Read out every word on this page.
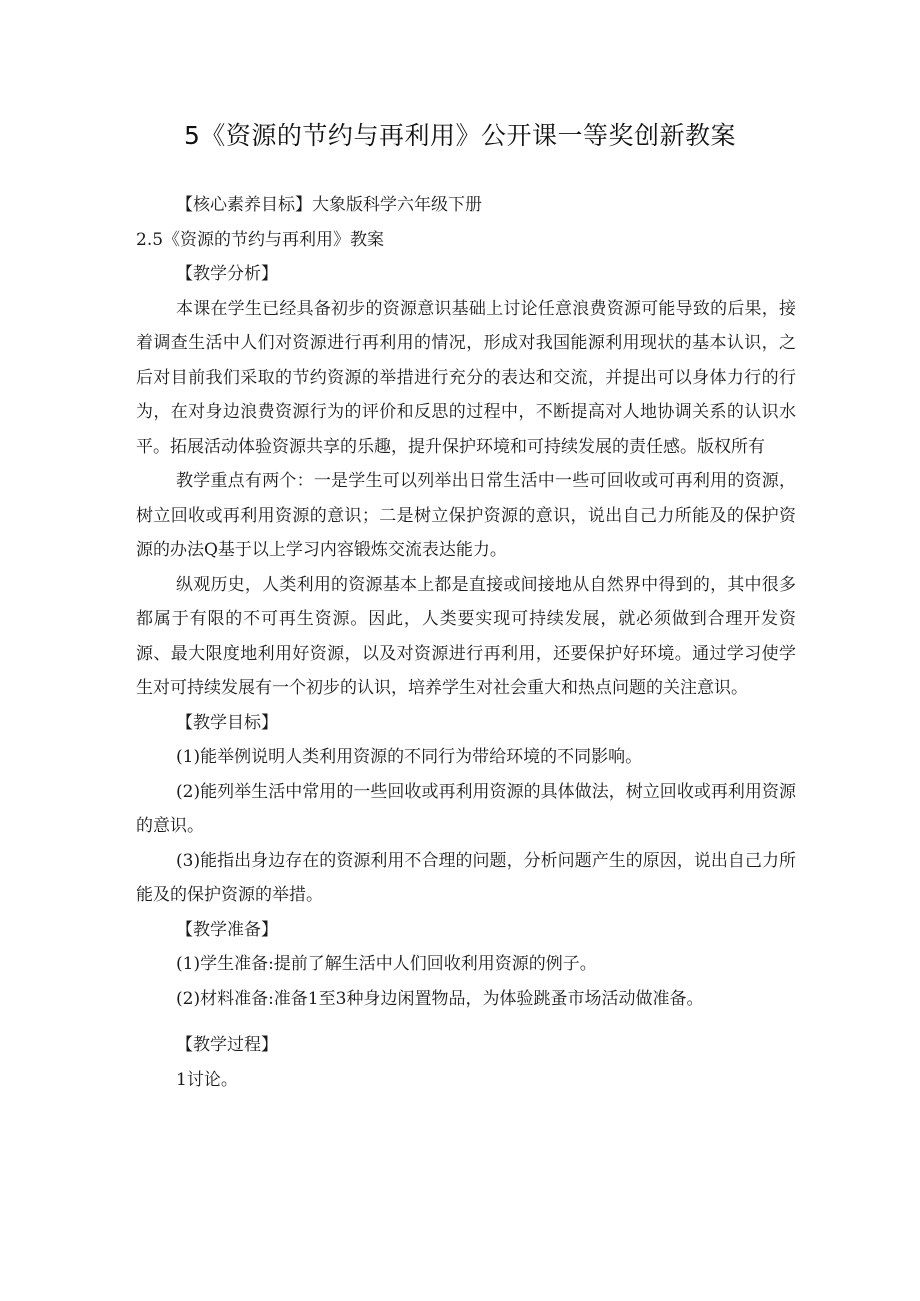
5《资源的节约与再利用》公开课一等奖创新教案

【核心素养目标】大象版科学六年级下册

2.5《资源的节约与再利用》教案

【教学分析】

本课在学生已经具备初步的资源意识基础上讨论任意浪费资源可能导致的后果，接着调查生活中人们对资源进行再利用的情况，形成对我国能源利用现状的基本认识，之后对目前我们采取的节约资源的举措进行充分的表达和交流，并提出可以身体力行的行为，在对身边浪费资源行为的评价和反思的过程中，不断提高对人地协调关系的认识水平。拓展活动体验资源共享的乐趣，提升保护环境和可持续发展的责任感。版权所有

教学重点有两个：一是学生可以列举出日常生活中一些可回收或可再利用的资源，树立回收或再利用资源的意识；二是树立保护资源的意识，说出自己力所能及的保护资源的办法Q基于以上学习内容锻炼交流表达能力。

纵观历史，人类利用的资源基本上都是直接或间接地从自然界中得到的，其中很多都属于有限的不可再生资源。因此，人类要实现可持续发展，就必须做到合理开发资源、最大限度地利用好资源，以及对资源进行再利用，还要保护好环境。通过学习使学生对可持续发展有一个初步的认识，培养学生对社会重大和热点问题的关注意识。

【教学目标】

(1)能举例说明人类利用资源的不同行为带给环境的不同影响。

(2)能列举生活中常用的一些回收或再利用资源的具体做法，树立回收或再利用资源的意识。

(3)能指出身边存在的资源利用不合理的问题，分析问题产生的原因，说出自己力所能及的保护资源的举措。

【教学准备】

(1)学生准备:提前了解生活中人们回收利用资源的例子。

(2)材料准备:准备1至3种身边闲置物品，为体验跳蚤市场活动做准备。

【教学过程】

1讨论。
